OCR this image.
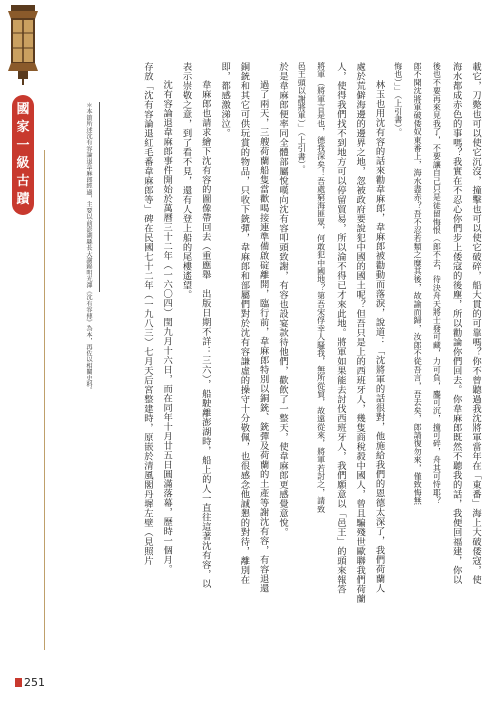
國
家
一
級
古
蹟
251
載它，刀斃也可以使它沉沒，撞擊也可以使它破碎，船大貫的可靠嗎？你不曾聽過我沈將軍當年在「東番」海上大破倭寇，使
海水都成赤色的事嗎？我實在不忍心你們步上倭寇的後塵，所以勸論你們回去。你韋麻郎既然不聽我的話，我便回福建，你以
後也不要再來見我了，不要讓自己只是徒留悔恨（郎不去，待決舟天將士發可藏，力可負，鏖可沉，撞可碎，舟其可恃耶？
郎不聞沈將軍破倭奴東番上，海水盡赤？吾不忍若類之糜其後，故諭而歸，汝郎不從吾言，吾去矣，郎請復勿來，僅致悔無
悔也）」」（上引書）。
林玉也用沈有容的話來勸韋麻郎，韋麻郎被勸動而落淚，說道：「沈將軍的話很對，他施給我們的恩德太深了，我們荷蘭人
處於荒僻海邊的邊界之地，忽被政府要說犯中國的國土呢？但吾只是上的西班牙人，幾隻商稅殺中國人，曾且騙殘世歐聯我們荷蘭
人，使得我們找不到地方可以停留貿易，所以淪不得已才來此地。將軍如果能去討伐西班牙人，我們願意以「邑王」的頭來報答
將軍（將軍言是也，德我深矣！吾處窮海匪眾，何敢犯中國地？第吾宋俘幸人騷我，無所從貿，故遠從來，將軍若討之，請致
邑王頭以謝將軍）」（上引書）。
於是韋麻郎便率同全體部屬悅嘆向沈有容叩頭致謝，有容也設宴款待他們，歡飲了一整天，使韋麻郎更感覺意悅。
過了兩天，三艘荷蘭船隻當歡喝接連準備啟碇離開，臨行前，韋麻郎特別以銅銃、銃彈及荷蘭的土產等謝沈有容，有容退還
銅銃和其它可供玩賞的物品，只收下銃彈，韋麻郎和部屬們對於沈有容謙虛的操守十分敬佩，也很感念他誠懇的對待，離別在
即，都感激涕泣。
韋麻郎也請求繪下沈有容的圖像帶回去（重應舉　出版日期不詳：三六），船駛離澎湖時，船上的人一直往這著沈有容，以
表示崇敬之意，到了看不見，還有人登上船的尾樓遙望。
沈有容論退韋麻郎事件開始於萬曆三十二年（一六〇四）閏九月十六日，而在同年十月廿五日圓滿落幕，歷時一個月。
存放「沈有容論退紅毛番韋麻郎等」碑在民國七十二年（一九八三）七月天后宮整建時，原嵌於清風閣丹墀左壁（見照片
＊本節所述沈有容論退韋麻郎經過，主要以前澎湖縣長大謝錦明光澤《沈有容傳》為本，再佐以相關史料。
